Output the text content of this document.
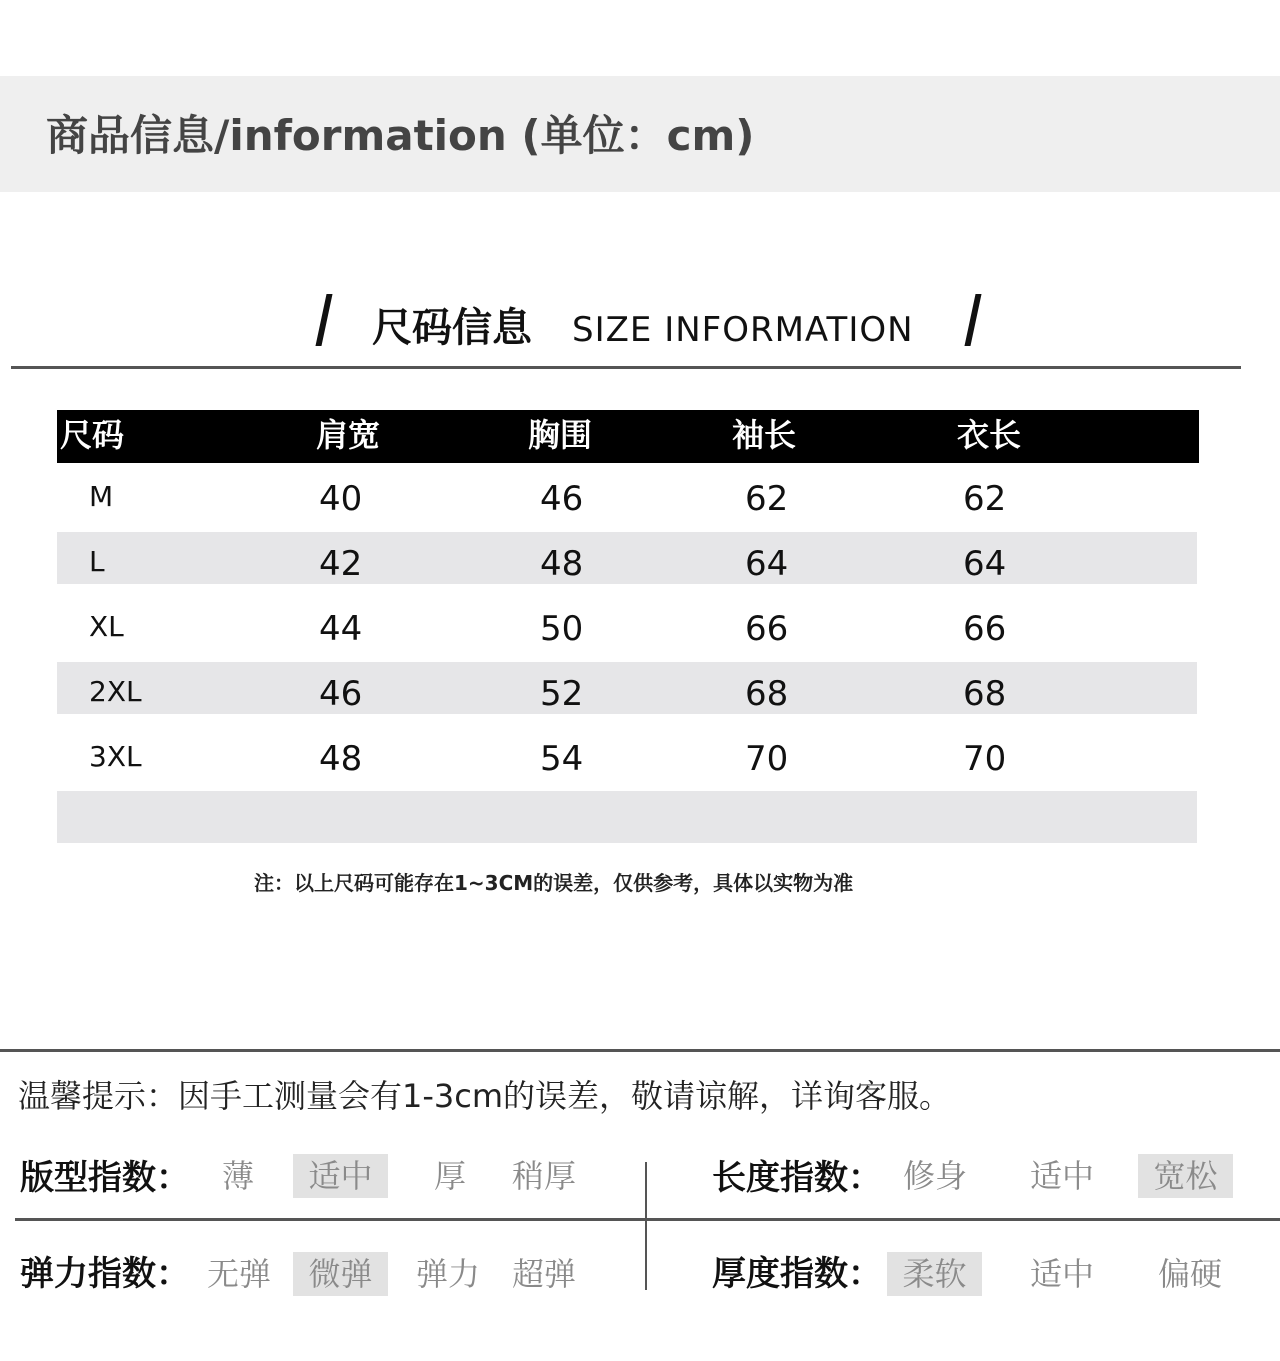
商品信息/information (单位：cm)
尺码信息 SIZE INFORMATION
尺码	肩宽	胸围	袖长	衣长
M	40	46	62	62
L	42	48	64	64
XL	44	50	66	66
2XL	46	52	68	68
3XL	48	54	70	70
注：以上尺码可能存在1~3CM的误差，仅供参考，具体以实物为准
温馨提示：因手工测量会有1-3cm的误差，敬请谅解，详询客服。
版型指数： 薄	适中	厚	稍厚	长度指数： 修身 适中	宽松
弹力指数： 无弹	微弹	弹力 超弹	厚度指数： 柔软	适中 偏硬
